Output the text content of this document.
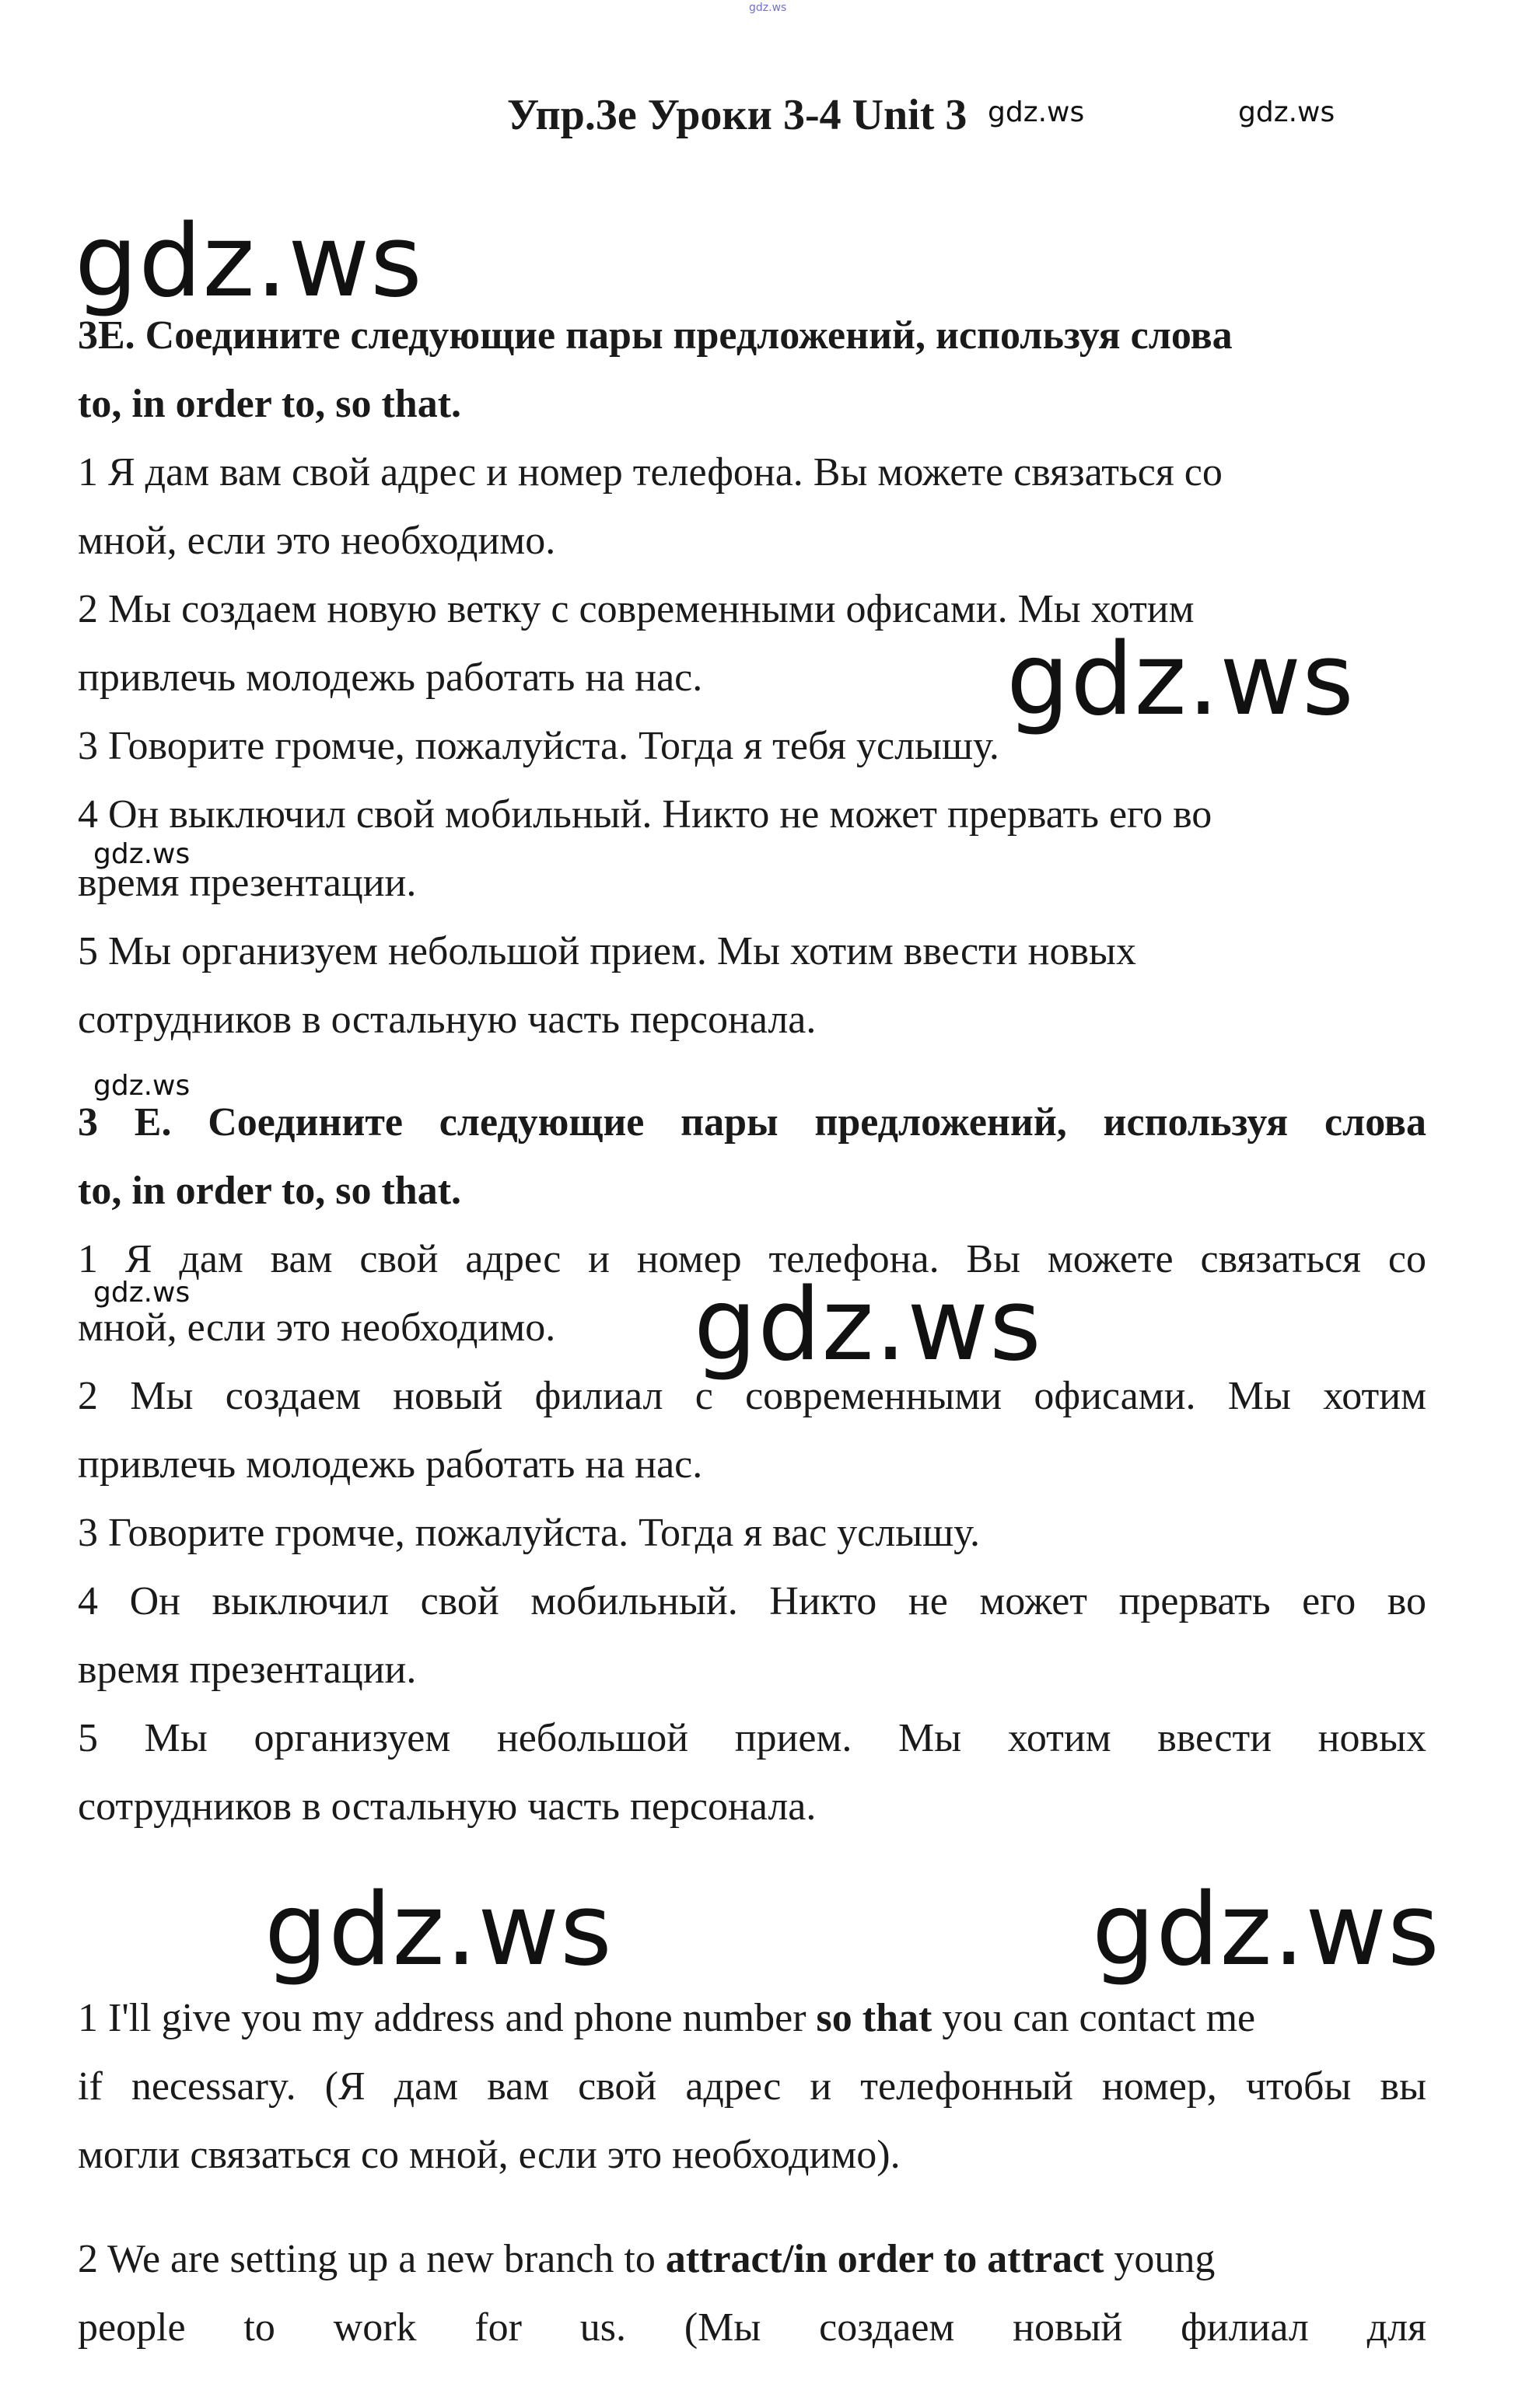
gdz.ws
Упр.3е Уроки 3-4 Unit 3 gdz.ws	gdz.ws
gdz.ws
3E. Соедините следующие пары предложений, используя слова
to, in order to, so that.
1 Я дам вам свой адрес и номер телефона. Вы можете связаться со
мной, если это необходимо.
2 Мы создаем новую ветку с современными офисами. Мы хотим
привлечь молодежь работать на нас.	gdz.ws
3 Говорите громче, пожалуйста. Тогда я тебя услышу.
4 Он выключил свой мобильный. Никто не может прервать его во
gdz.ws
время презентации.
5 Мы организуем небольшой прием. Мы хотим ввести новых
сотрудников в остальную часть персонала.
gdz.ws
3 Е. Соедините следующие пары предложений, используя слова
to, in order to, so that.
1 Я дам вам свой адрес и номер телефона. Вы можете связаться со
gdz.ws
мной, если это необходимо.	gdz.ws
2 Мы создаем новый филиал с современными офисами. Мы хотим
привлечь молодежь работать на нас.
3 Говорите громче, пожалуйста. Тогда я вас услышу.
4 Он выключил свой мобильный. Никто не может прервать его во
время презентации.
5 Мы организуем небольшой прием. Мы хотим ввести новых
сотрудников в остальную часть персонала.
gdz.ws	gdz.ws
1 I'll give you my address and phone number so that you can contact me
if necessary. (Я дам вам свой адрес и телефонный номер, чтобы вы
могли связаться со мной, если это необходимо).
2 We are setting up a new branch to attract/in order to attract young
people to work for us. (Мы создаем новый филиал для
